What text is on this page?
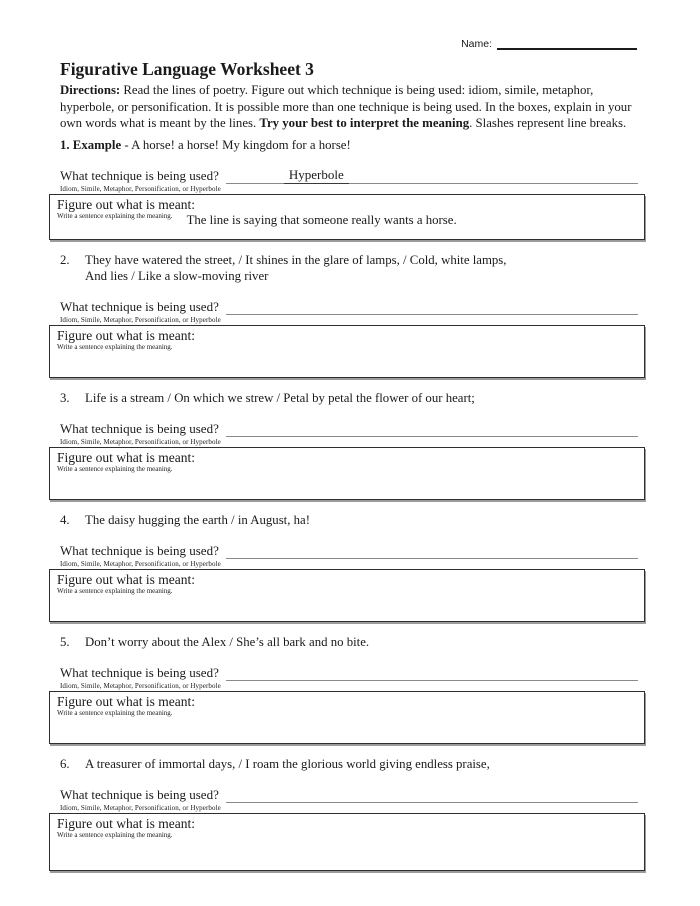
Name:
Figurative Language Worksheet 3

Directions: Read the lines of poetry. Figure out which technique is being used: idiom, simile, metaphor, hyperbole, or personification. It is possible more than one technique is being used. In the boxes, explain in your own words what is meant by the lines. Try your best to interpret the meaning. Slashes represent line breaks.

1. Example - A horse! a horse! My kingdom for a horse!

What technique is being used?	Hyperbole
Idiom, Simile, Metaphor, Personification, or Hyperbole
Figure out what is meant:
Write a sentence explaining the meaning. The line is saying that someone really wants a horse.

2. They have watered the street, / It shines in the glare of lamps, / Cold, white lamps,

And lies / Like a slow-moving river

What technique is being used?
Idiom, Simile, Metaphor, Personification, or Hyperbole
Figure out what is meant:
Write a sentence explaining the meaning.

3. Life is a stream / On which we strew / Petal by petal the flower of our heart;

What technique is being used?
Idiom, Simile, Metaphor, Personification, or Hyperbole
Figure out what is meant:
Write a sentence explaining the meaning.

4. The daisy hugging the earth / in August, ha!

What technique is being used?
Idiom, Simile, Metaphor, Personification, or Hyperbole
Figure out what is meant:
Write a sentence explaining the meaning.

5. Don’t worry about the Alex / She’s all bark and no bite.

What technique is being used?
Idiom, Simile, Metaphor, Personification, or Hyperbole
Figure out what is meant:
Write a sentence explaining the meaning.

6. A treasurer of immortal days, / I roam the glorious world giving endless praise,

What technique is being used?
Idiom, Simile, Metaphor, Personification, or Hyperbole
Figure out what is meant:
Write a sentence explaining the meaning.
